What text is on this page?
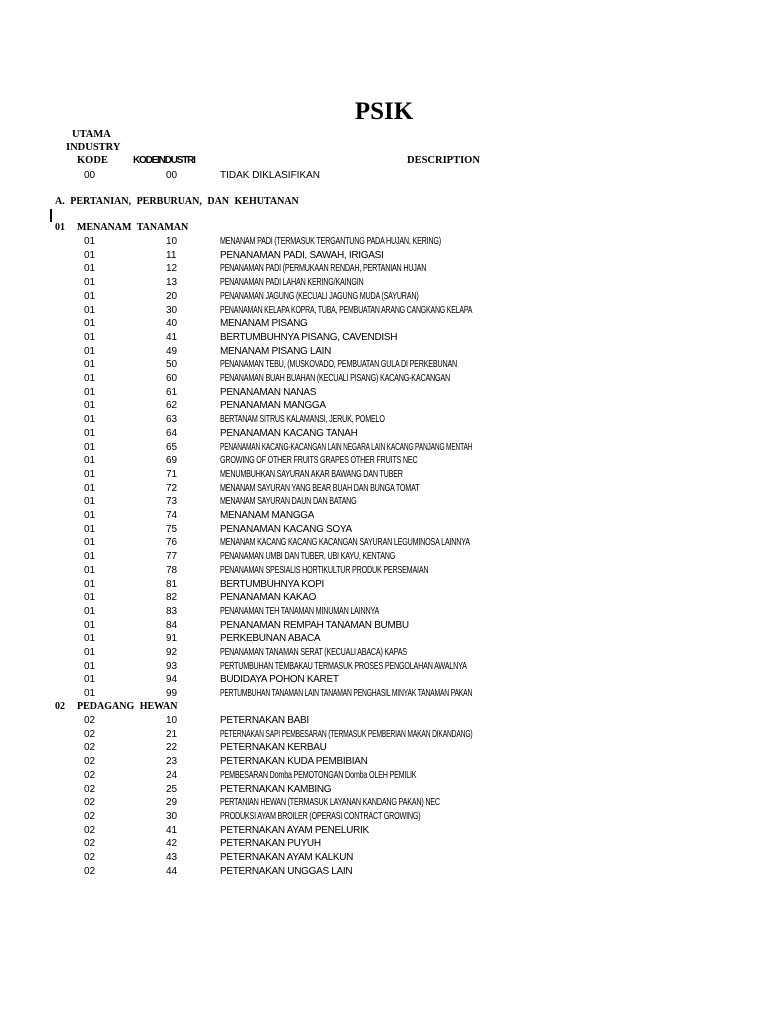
PSIK
UTAMA
INDUSTRY
KODE	KODEINDUSTRI	DESCRIPTION
00	00	TIDAK DIKLASIFIKAN
A. PERTANIAN, PERBURUAN, DAN KEHUTANAN
01 MENANAM TANAMAN
01	10	MENANAM PADI (TERMASUK TERGANTUNG PADA HUJAN, KERING)
01	11	PENANAMAN PADI, SAWAH, IRIGASI
01	12	PENANAMAN PADI (PERMUKAAN RENDAH, PERTANIAN HUJAN
01	13	PENANAMAN PADI LAHAN KERING/KAINGIN
01	20	PENANAMAN JAGUNG (KECUALI JAGUNG MUDA (SAYURAN)
01	30	PENANAMAN KELAPA KOPRA, TUBA, PEMBUATAN ARANG CANGKANG KELAPA
01	40	MENANAM PISANG
01	41	BERTUMBUHNYA PISANG, CAVENDISH
01	49	MENANAM PISANG LAIN
01	50	PENANAMAN TEBU, (MUSKOVADO, PEMBUATAN GULA DI PERKEBUNAN
01	60	PENANAMAN BUAH BUAHAN (KECUALI PISANG) KACANG-KACANGAN
01	61	PENANAMAN NANAS
01	62	PENANAMAN MANGGA
01	63	BERTANAM SITRUS KALAMANSI, JERUK, POMELO
01	64	PENANAMAN KACANG TANAH
01	65	PENANAMAN KACANG-KACANGAN LAIN NEGARA LAIN KACANG PANJANG MENTAH
01	69	GROWING OF OTHER FRUITS GRAPES OTHER FRUITS NEC
01	71	MENUMBUHKAN SAYURAN AKAR BAWANG DAN TUBER
01	72	MENANAM SAYURAN YANG BEAR BUAH DAN BUNGA TOMAT
01	73	MENANAM SAYURAN DAUN DAN BATANG
01	74	MENANAM MANGGA
01	75	PENANAMAN KACANG SOYA
01	76	MENANAM KACANG KACANG KACANGAN SAYURAN LEGUMINOSA LAINNYA
01	77	PENANAMAN UMBI DAN TUBER, UBI KAYU, KENTANG
01	78	PENANAMAN SPESIALIS HORTIKULTUR PRODUK PERSEMAIAN
01	81	BERTUMBUHNYA KOPI
01	82	PENANAMAN KAKAO
01	83	PENANAMAN TEH TANAMAN MINUMAN LAINNYA
01	84	PENANAMAN REMPAH TANAMAN BUMBU
01	91	PERKEBUNAN ABACA
01	92	PENANAMAN TANAMAN SERAT (KECUALI ABACA) KAPAS
01	93	PERTUMBUHAN TEMBAKAU TERMASUK PROSES PENGOLAHAN AWALNYA
01	94	BUDIDAYA POHON KARET
01	99	PERTUMBUHAN TANAMAN LAIN TANAMAN PENGHASIL MINYAK TANAMAN PAKAN
02 PEDAGANG HEWAN
02	10	PETERNAKAN BABI
02	21	PETERNAKAN SAPI PEMBESARAN (TERMASUK PEMBERIAN MAKAN DIKANDANG)
02	22	PETERNAKAN KERBAU
02	23	PETERNAKAN KUDA PEMBIBIAN
02	24	PEMBESARAN Domba PEMOTONGAN Domba OLEH PEMILIK
02	25	PETERNAKAN KAMBING
02	29	PERTANIAN HEWAN (TERMASUK LAYANAN KANDANG PAKAN) NEC
02	30	PRODUKSI AYAM BROILER (OPERASI CONTRACT GROWING)
02	41	PETERNAKAN AYAM PENELURIK
02	42	PETERNAKAN PUYUH
02	43	PETERNAKAN AYAM KALKUN
02	44	PETERNAKAN UNGGAS LAIN
